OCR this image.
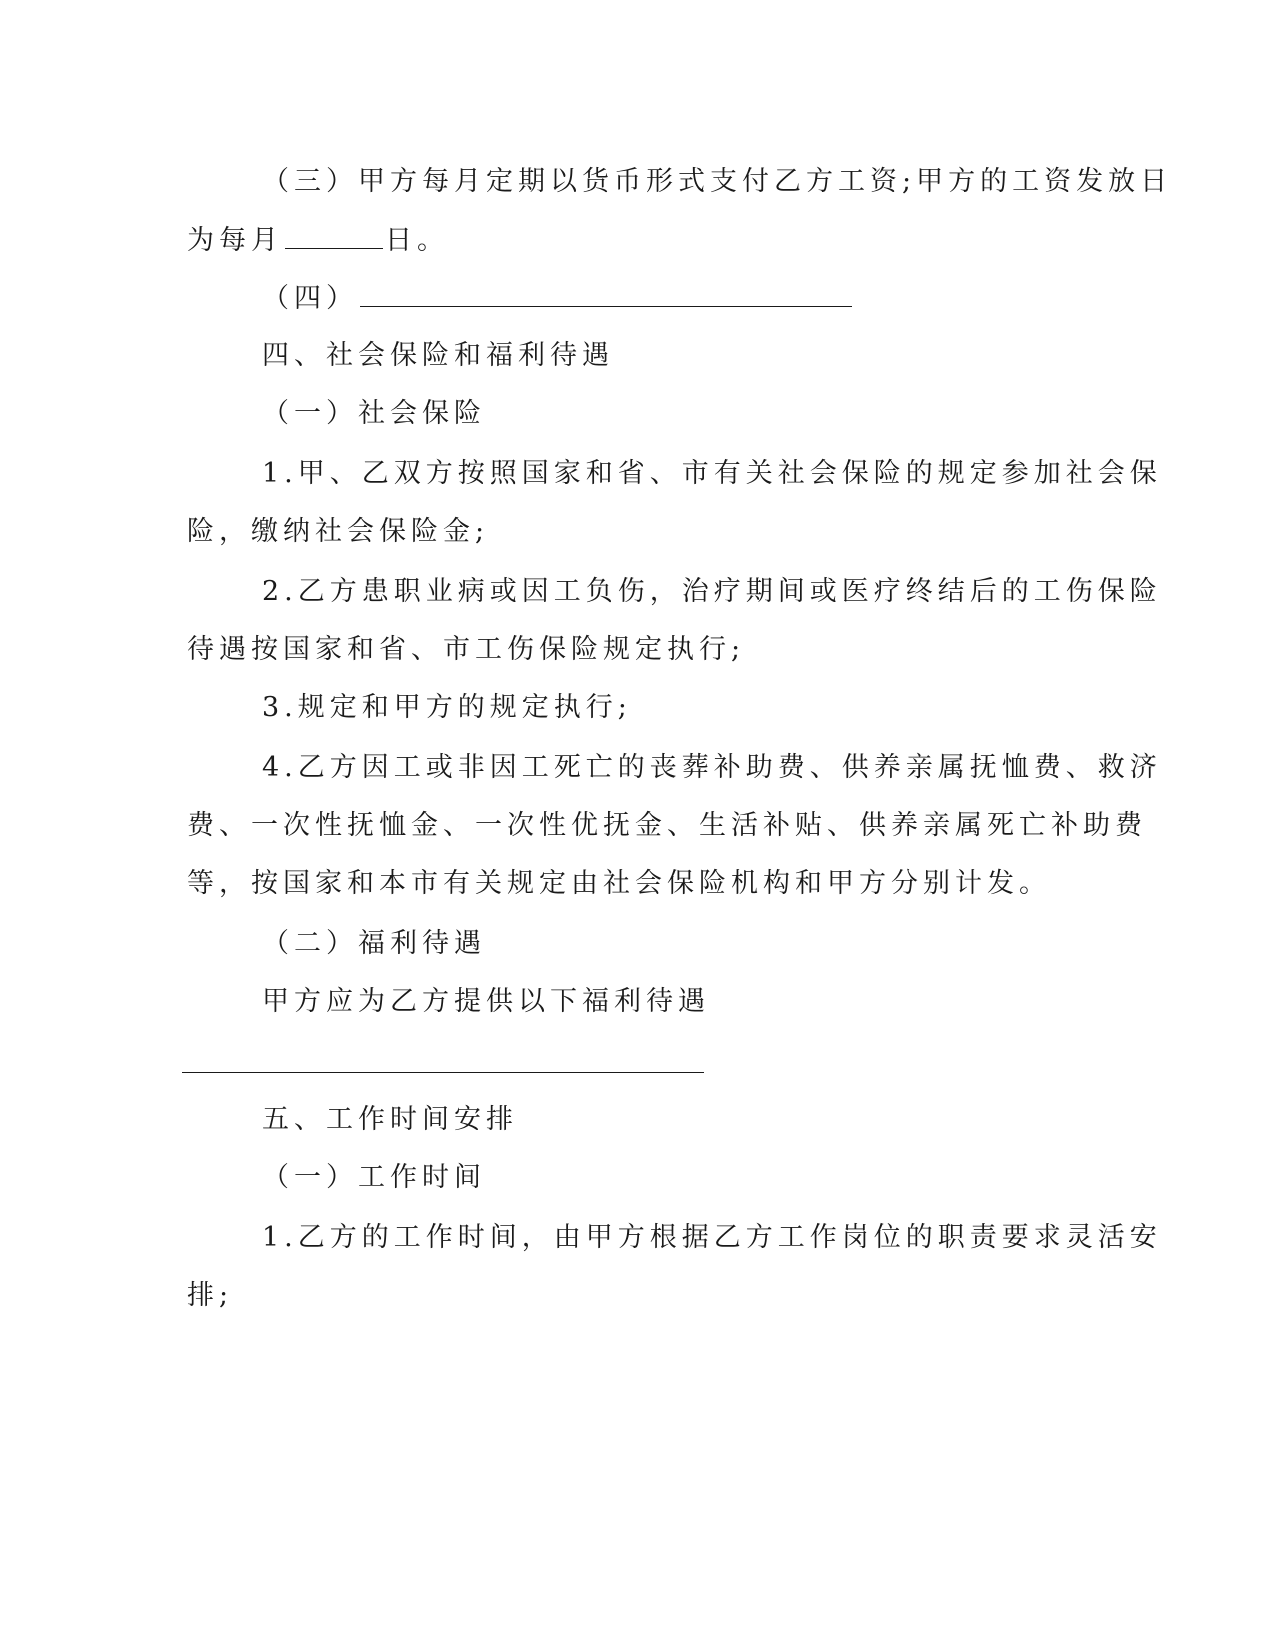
（三）甲方每月定期以货币形式支付乙方工资;甲方的工资发放日
为每月	日。
（四）
四、社会保险和福利待遇
（一）社会保险
1.甲、乙双方按照国家和省、市有关社会保险的规定参加社会保
险，缴纳社会保险金;
2.乙方患职业病或因工负伤，治疗期间或医疗终结后的工伤保险
待遇按国家和省、市工伤保险规定执行;
3.规定和甲方的规定执行;
4.乙方因工或非因工死亡的丧葬补助费、供养亲属抚恤费、救济
费、一次性抚恤金、一次性优抚金、生活补贴、供养亲属死亡补助费
等，按国家和本市有关规定由社会保险机构和甲方分别计发。
（二）福利待遇
甲方应为乙方提供以下福利待遇
五、工作时间安排
（一）工作时间
1.乙方的工作时间，由甲方根据乙方工作岗位的职责要求灵活安
排;
